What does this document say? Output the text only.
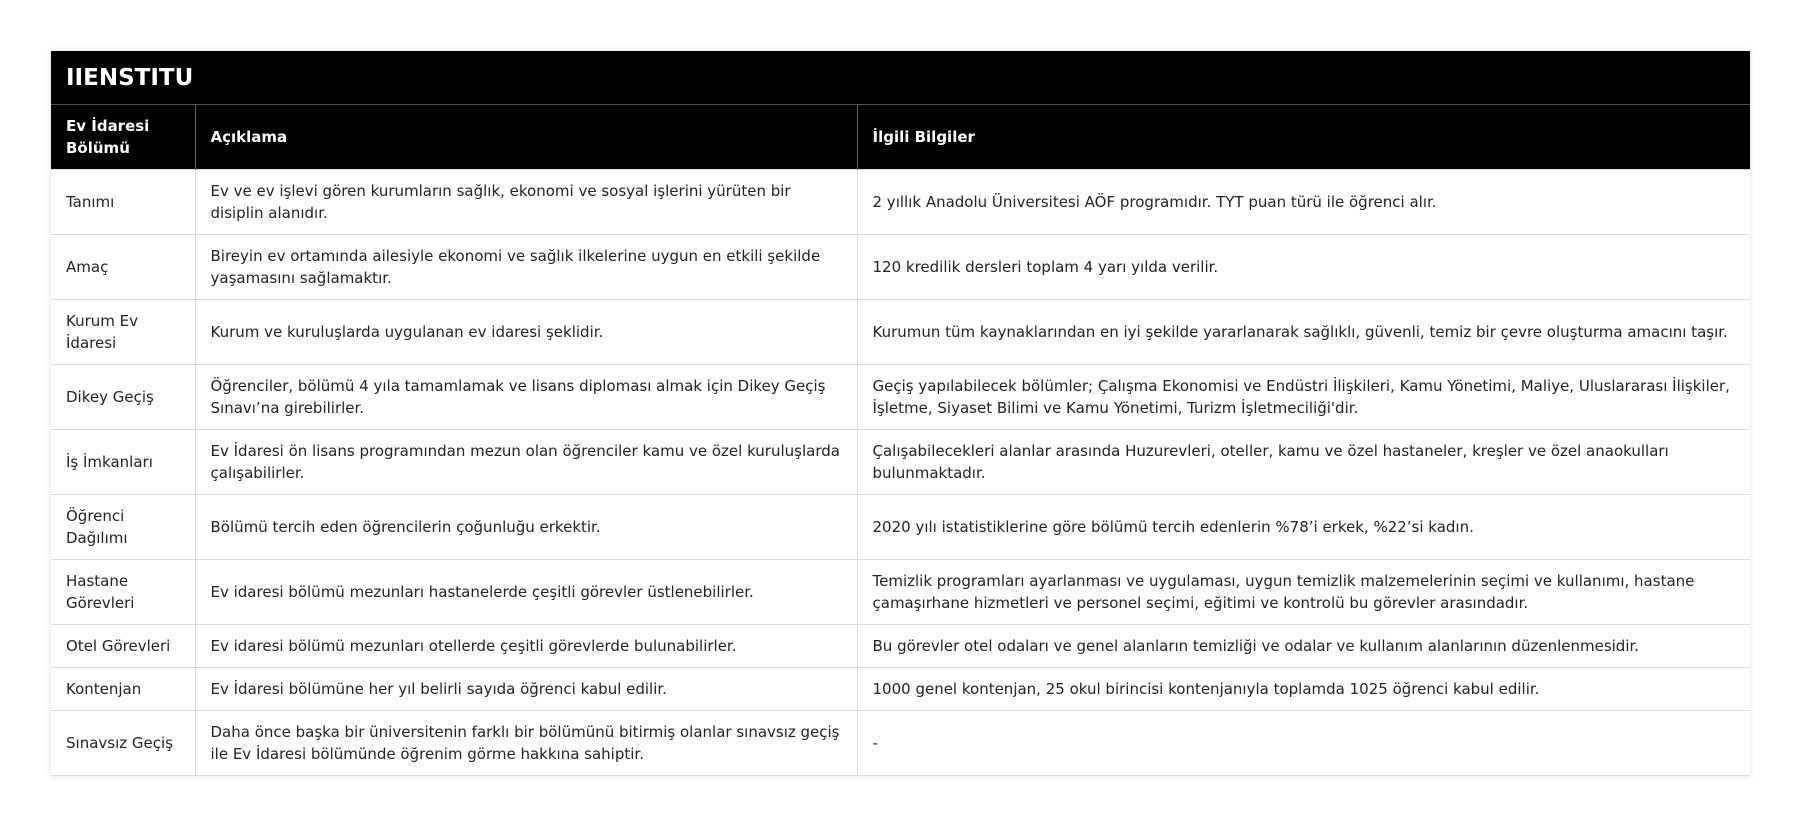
IIENSTITU
Ev İdaresi Bölümü	Açıklama	İlgili Bilgiler
Tanımı	Ev ve ev işlevi gören kurumların sağlık, ekonomi ve sosyal işlerini yürüten bir disiplin alanıdır.	2 yıllık Anadolu Üniversitesi AÖF programıdır. TYT puan türü ile öğrenci alır.
Amaç	Bireyin ev ortamında ailesiyle ekonomi ve sağlık ilkelerine uygun en etkili şekilde yaşamasını sağlamaktır.	120 kredilik dersleri toplam 4 yarı yılda verilir.
Kurum Ev İdaresi	Kurum ve kuruluşlarda uygulanan ev idaresi şeklidir.	Kurumun tüm kaynaklarından en iyi şekilde yararlanarak sağlıklı, güvenli, temiz bir çevre oluşturma amacını taşır.
Dikey Geçiş	Öğrenciler, bölümü 4 yıla tamamlamak ve lisans diploması almak için Dikey Geçiş Sınavı’na girebilirler.	Geçiş yapılabilecek bölümler; Çalışma Ekonomisi ve Endüstri İlişkileri, Kamu Yönetimi, Maliye, Uluslararası İlişkiler, İşletme, Siyaset Bilimi ve Kamu Yönetimi, Turizm İşletmeciliği'dir.
İş İmkanları	Ev İdaresi ön lisans programından mezun olan öğrenciler kamu ve özel kuruluşlarda çalışabilirler.	Çalışabilecekleri alanlar arasında Huzurevleri, oteller, kamu ve özel hastaneler, kreşler ve özel anaokulları bulunmaktadır.
Öğrenci Dağılımı	Bölümü tercih eden öğrencilerin çoğunluğu erkektir.	2020 yılı istatistiklerine göre bölümü tercih edenlerin %78’i erkek, %22’si kadın.
Hastane Görevleri	Ev idaresi bölümü mezunları hastanelerde çeşitli görevler üstlenebilirler.	Temizlik programları ayarlanması ve uygulaması, uygun temizlik malzemelerinin seçimi ve kullanımı, hastane çamaşırhane hizmetleri ve personel seçimi, eğitimi ve kontrolü bu görevler arasındadır.
Otel Görevleri	Ev idaresi bölümü mezunları otellerde çeşitli görevlerde bulunabilirler.	Bu görevler otel odaları ve genel alanların temizliği ve odalar ve kullanım alanlarının düzenlenmesidir.
Kontenjan	Ev İdaresi bölümüne her yıl belirli sayıda öğrenci kabul edilir.	1000 genel kontenjan, 25 okul birincisi kontenjanıyla toplamda 1025 öğrenci kabul edilir.
Sınavsız Geçiş	Daha önce başka bir üniversitenin farklı bir bölümünü bitirmiş olanlar sınavsız geçiş ile Ev İdaresi bölümünde öğrenim görme hakkına sahiptir.	-
